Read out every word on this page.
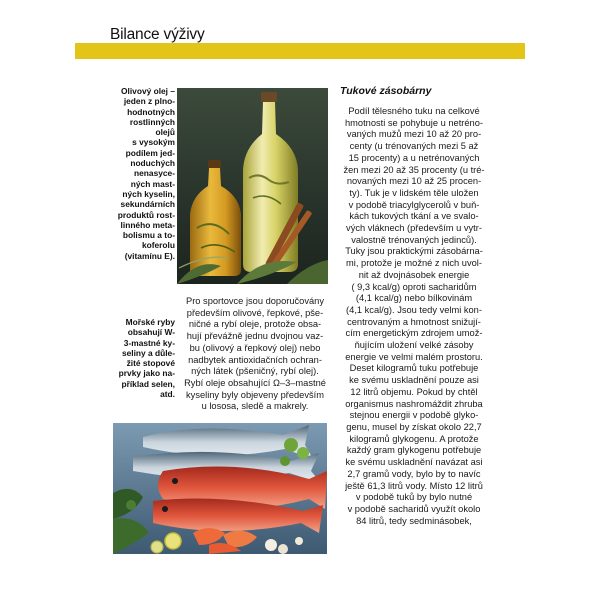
Bilance výživy
Olivový olej –
jeden z plno-
hodnotných
rostlinných
olejů
s vysokým
podílem jed-
noduchých
nenasyce-
ných mast-
ných kyselin,
sekundárních
produktů rost-
linného meta-
bolismu a to-
koferolu
(vitamínu E).
Pro sportovce jsou doporučovány
především olivové, řepkové, pše-
ničné a rybí oleje, protože obsa-
hují převážně jednu dvojnou vaz-
bu (olivový a řepkový olej) nebo
nadbytek antioxidačních ochran-
ných látek (pšeničný, rybí olej).
Rybí oleje obsahující Ω–3–mastné
kyseliny byly objeveny především
u lososa, sledě a makrely.
Mořské ryby
obsahují W-
3-mastné ky-
seliny a důle-
žité stopové
prvky jako na-
příklad selen,
atd.
Tukové zásobárny
Podíl tělesného tuku na celkové
hmotnosti se pohybuje u netréno-
vaných mužů mezi 10 až 20 pro-
centy (u trénovaných mezi 5 až
15 procenty) a u netrénovaných
žen mezi 20 až 35 procenty (u tré-
novaných mezi 10 až 25 procen-
ty). Tuk je v lidském těle uložen
v podobě triacylglycerolů v buň-
kách tukových tkání a ve svalo-
vých vláknech (především u vytr-
valostně trénovaných jedinců).
Tuky jsou praktickými zásobárna-
mi, protože je možné z nich uvol-
nit až dvojnásobek energie
( 9,3 kcal/g) oproti sacharidům
(4,1 kcal/g) nebo bílkovinám
(4,1 kcal/g). Jsou tedy velmi kon-
centrovaným a hmotnost snižují-
cím energetickým zdrojem umož-
ňujícím uložení velké zásoby
energie ve velmi malém prostoru.
Deset kilogramů tuku potřebuje
ke svému uskladnění pouze asi
12 litrů objemu. Pokud by chtěl
organismus nashromáždit zhruba
stejnou energii v podobě glyko-
genu, musel by získat okolo 22,7
kilogramů glykogenu. A protože
každý gram glykogenu potřebuje
ke svému uskladnění navázat asi
2,7 gramů vody, bylo by to navíc
ještě 61,3 litrů vody. Místo 12 litrů
v podobě tuků by bylo nutné
v podobě sacharidů využít okolo
84 litrů, tedy sedminásobek,
